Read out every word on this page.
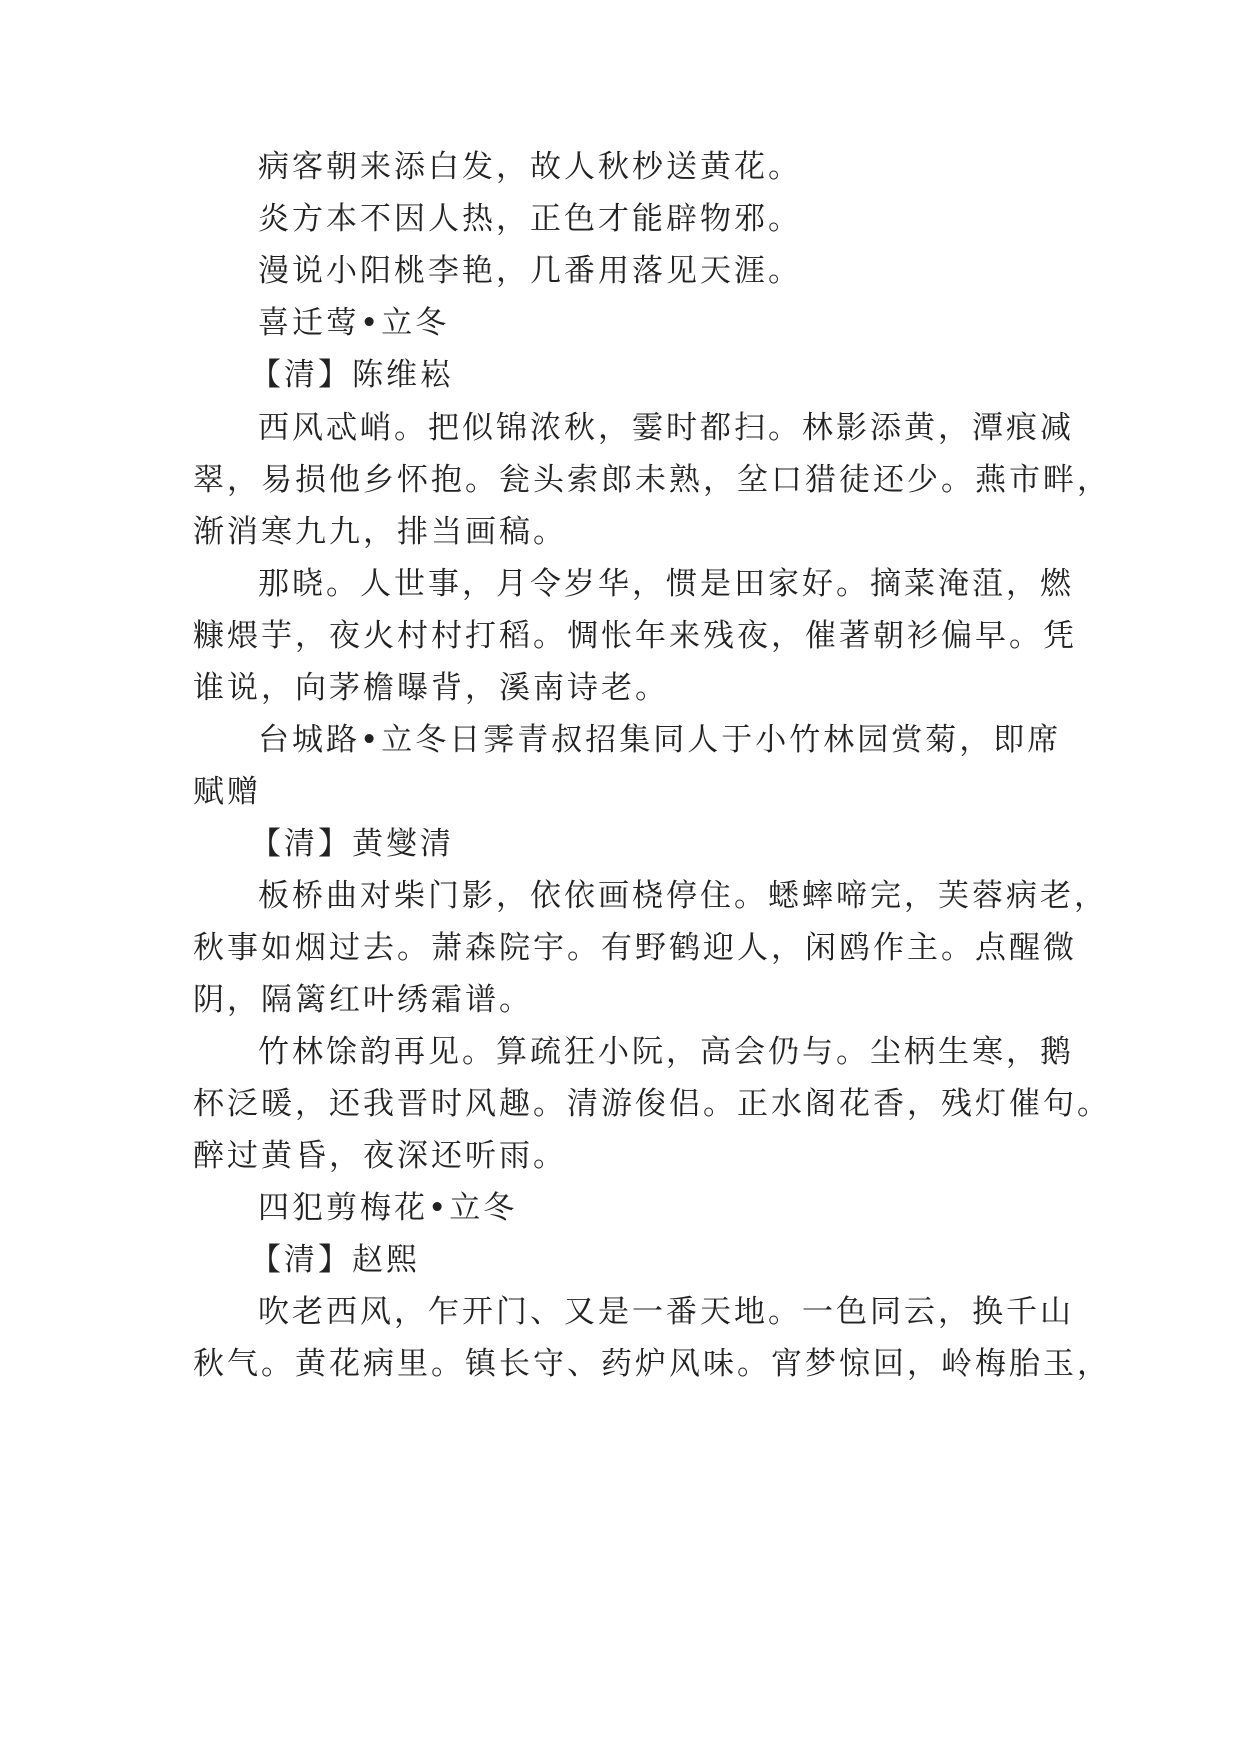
病客朝来添白发，故人秋杪送黄花。
炎方本不因人热，正色才能辟物邪。
漫说小阳桃李艳，几番用落见天涯。
喜迁莺•立冬
【清】陈维崧
西风忒峭。把似锦浓秋，霎时都扫。林影添黄，潭痕减
翠，易损他乡怀抱。瓮头索郎未熟，坌口猎徒还少。燕市畔，
渐消寒九九，排当画稿。
那晓。人世事，月令岁华，惯是田家好。摘菜淹菹，燃
糠煨芋，夜火村村打稻。惆怅年来残夜，催著朝衫偏早。凭
谁说，向茅檐曝背，溪南诗老。
台城路•立冬日霁青叔招集同人于小竹林园赏菊，即席
赋赠
【清】黄燮清
板桥曲对柴门影，依依画桡停住。蟋蟀啼完，芙蓉病老，
秋事如烟过去。萧森院宇。有野鹤迎人，闲鸥作主。点醒微
阴，隔篱红叶绣霜谱。
竹林馀韵再见。算疏狂小阮，高会仍与。尘柄生寒，鹅
杯泛暖，还我晋时风趣。清游俊侣。正水阁花香，残灯催句。
醉过黄昏，夜深还听雨。
四犯剪梅花•立冬
【清】赵熙
吹老西风，乍开门、又是一番天地。一色同云，换千山
秋气。黄花病里。镇长守、药炉风味。宵梦惊回，岭梅胎玉，
